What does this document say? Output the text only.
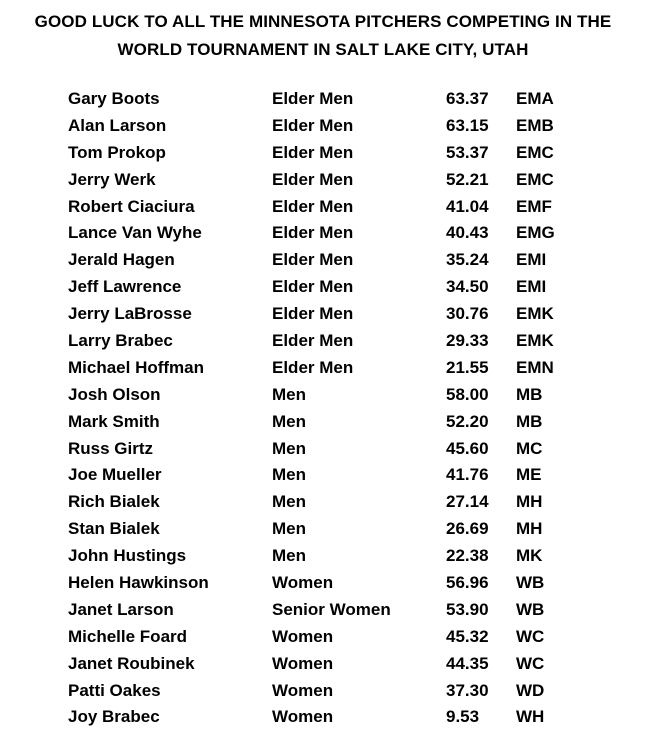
GOOD LUCK TO ALL THE MINNESOTA PITCHERS COMPETING IN THE
WORLD TOURNAMENT IN SALT LAKE CITY, UTAH
Gary Boots	Elder Men	63.37 EMA
Alan Larson	Elder Men	63.15 EMB
Tom Prokop	Elder Men	53.37 EMC
Jerry Werk	Elder Men	52.21 EMC
Robert Ciaciura	Elder Men	41.04 EMF
Lance Van Wyhe	Elder Men	40.43 EMG
Jerald Hagen	Elder Men	35.24 EMI
Jeff Lawrence	Elder Men	34.50 EMI
Jerry LaBrosse	Elder Men	30.76 EMK
Larry Brabec	Elder Men	29.33 EMK
Michael Hoffman	Elder Men	21.55 EMN
Josh Olson	Men	58.00 MB
Mark Smith	Men	52.20 MB
Russ Girtz	Men	45.60 MC
Joe Mueller	Men	41.76 ME
Rich Bialek	Men	27.14 MH
Stan Bialek	Men	26.69 MH
John Hustings	Men	22.38 MK
Helen Hawkinson	Women	56.96 WB
Janet Larson	Senior Women	53.90 WB
Michelle Foard	Women	45.32 WC
Janet Roubinek	Women	44.35 WC
Patti Oakes	Women	37.30 WD
Joy Brabec	Women	9.53 WH
